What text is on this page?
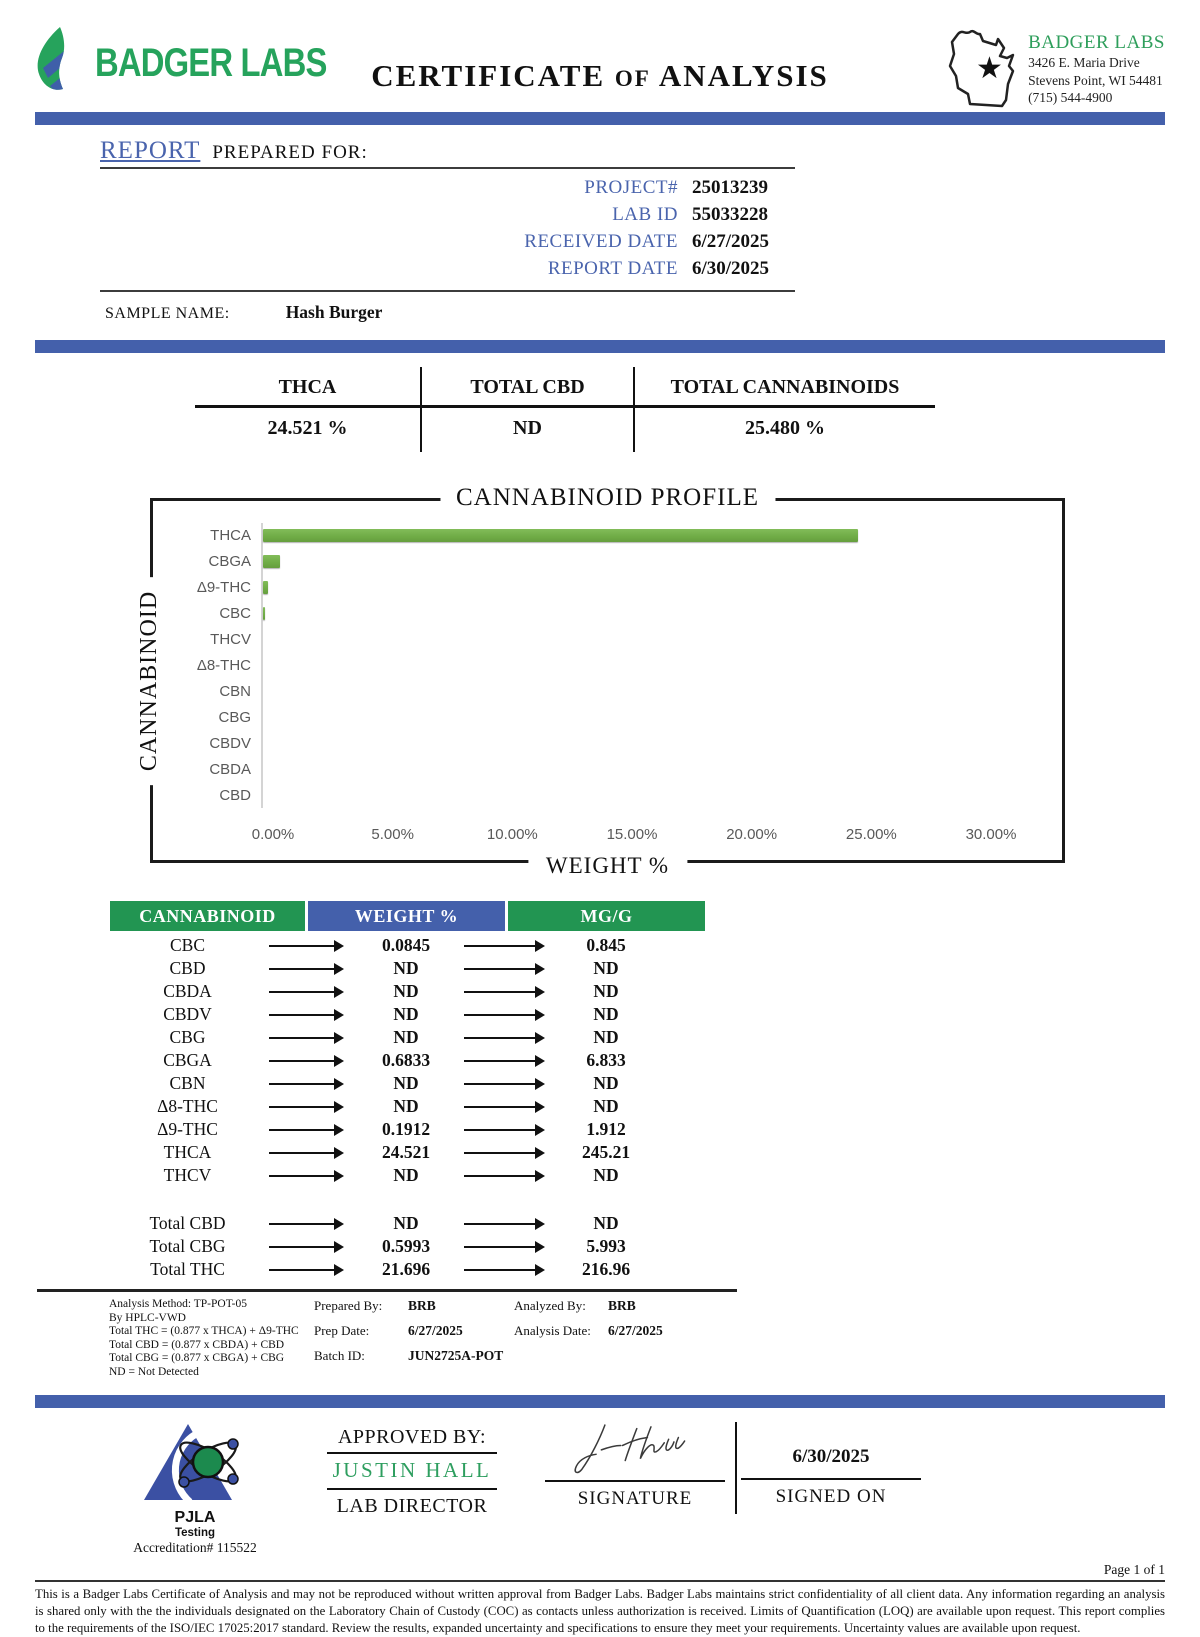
BADGER LABS CERTIFICATE OF ANALYSIS	★
BADGER LABS
3426 E. Maria Drive
Stevens Point, WI 54481
(715) 544-4900
REPORT PREPARED FOR:
PROJECT# 25013239
LAB ID 55033228
RECEIVED DATE 6/27/2025
REPORT DATE 6/30/2025
SAMPLE NAME:	Hash Burger
THCA	TOTAL CBD	TOTAL CANNABINOIDS
24.521 %	ND	25.480 %
CANNABINOID PROFILE
CANNABINOID
WEIGHT %
THCA
CBGA
Δ9-THC
CBC
THCV
Δ8-THC
CBN
CBG
CBDV
CBDA
CBD
0.00%	5.00%	10.00%	15.00%	20.00%	25.00%	30.00%
CANNABINOID	WEIGHT %	MG/G
CBC	0.0845	0.845
CBD	ND	ND
CBDA	ND	ND
CBDV	ND	ND
CBG	ND	ND
CBGA	0.6833	6.833
CBN	ND	ND
Δ8-THC	ND	ND
Δ9-THC	0.1912	1.912
THCA	24.521	245.21
THCV	ND	ND
Total CBD	ND	ND
Total CBG	0.5993	5.993
Total THC	21.696	216.96
Analysis Method: TP-POT-05
By HPLC-VWD
Total THC = (0.877 x THCA) + Δ9-THC
Total CBD = (0.877 x CBDA) + CBD
Total CBG = (0.877 x CBGA) + CBG
ND = Not Detected
Prepared By:	BRB
Prep Date:	6/27/2025
Batch ID:	JUN2725A-POT
Analyzed By:	BRB
Analysis Date:	6/27/2025
PJLA
Testing
Accreditation# 115522
APPROVED BY:
JUSTIN HALL
LAB DIRECTOR	SIGNATURE
6/30/2025
SIGNED ON
Page 1 of 1
This is a Badger Labs Certificate of Analysis and may not be reproduced without written approval from Badger Labs. Badger Labs maintains strict confidentiality of all client data. Any information regarding an analysis is shared only with the the individuals designated on the Laboratory Chain of Custody (COC) as contacts unless authorization is received. Limits of Quantification (LOQ) are available upon request. This report complies to the requirements of the ISO/IEC 17025:2017 standard. Review the results, expanded uncertainty and specifications to ensure they meet your requirements. Uncertainty values are available upon request.
